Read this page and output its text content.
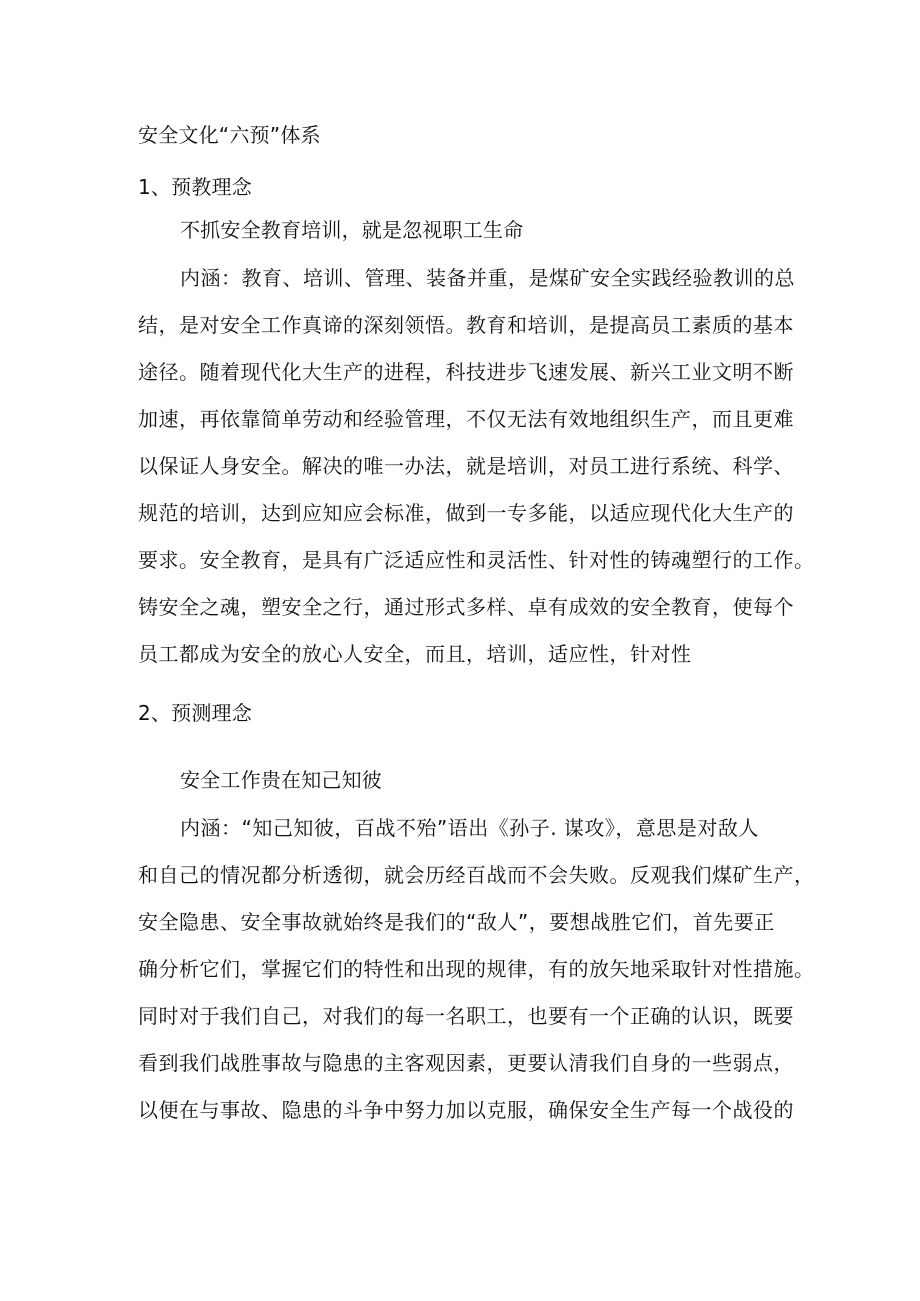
安全文化“六预”体系
1、预教理念
不抓安全教育培训，就是忽视职工生命
内涵：教育、培训、管理、装备并重，是煤矿安全实践经验教训的总
结，是对安全工作真谛的深刻领悟。教育和培训，是提高员工素质的基本
途径。随着现代化大生产的进程，科技进步飞速发展、新兴工业文明不断
加速，再依靠简单劳动和经验管理，不仅无法有效地组织生产，而且更难
以保证人身安全。解决的唯一办法，就是培训，对员工进行系统、科学、
规范的培训，达到应知应会标准，做到一专多能，以适应现代化大生产的
要求。安全教育，是具有广泛适应性和灵活性、针对性的铸魂塑行的工作。
铸安全之魂，塑安全之行，通过形式多样、卓有成效的安全教育，使每个
员工都成为安全的放心人安全，而且，培训，适应性，针对性
2、预测理念
安全工作贵在知己知彼
内涵：“知己知彼，百战不殆”语出《孙子. 谋攻》，意思是对敌人
和自己的情况都分析透彻，就会历经百战而不会失败。反观我们煤矿生产，
安全隐患、安全事故就始终是我们的“敌人”，要想战胜它们，首先要正
确分析它们，掌握它们的特性和出现的规律，有的放矢地采取针对性措施。
同时对于我们自己，对我们的每一名职工，也要有一个正确的认识，既要
看到我们战胜事故与隐患的主客观因素，更要认清我们自身的一些弱点，
以便在与事故、隐患的斗争中努力加以克服，确保安全生产每一个战役的
